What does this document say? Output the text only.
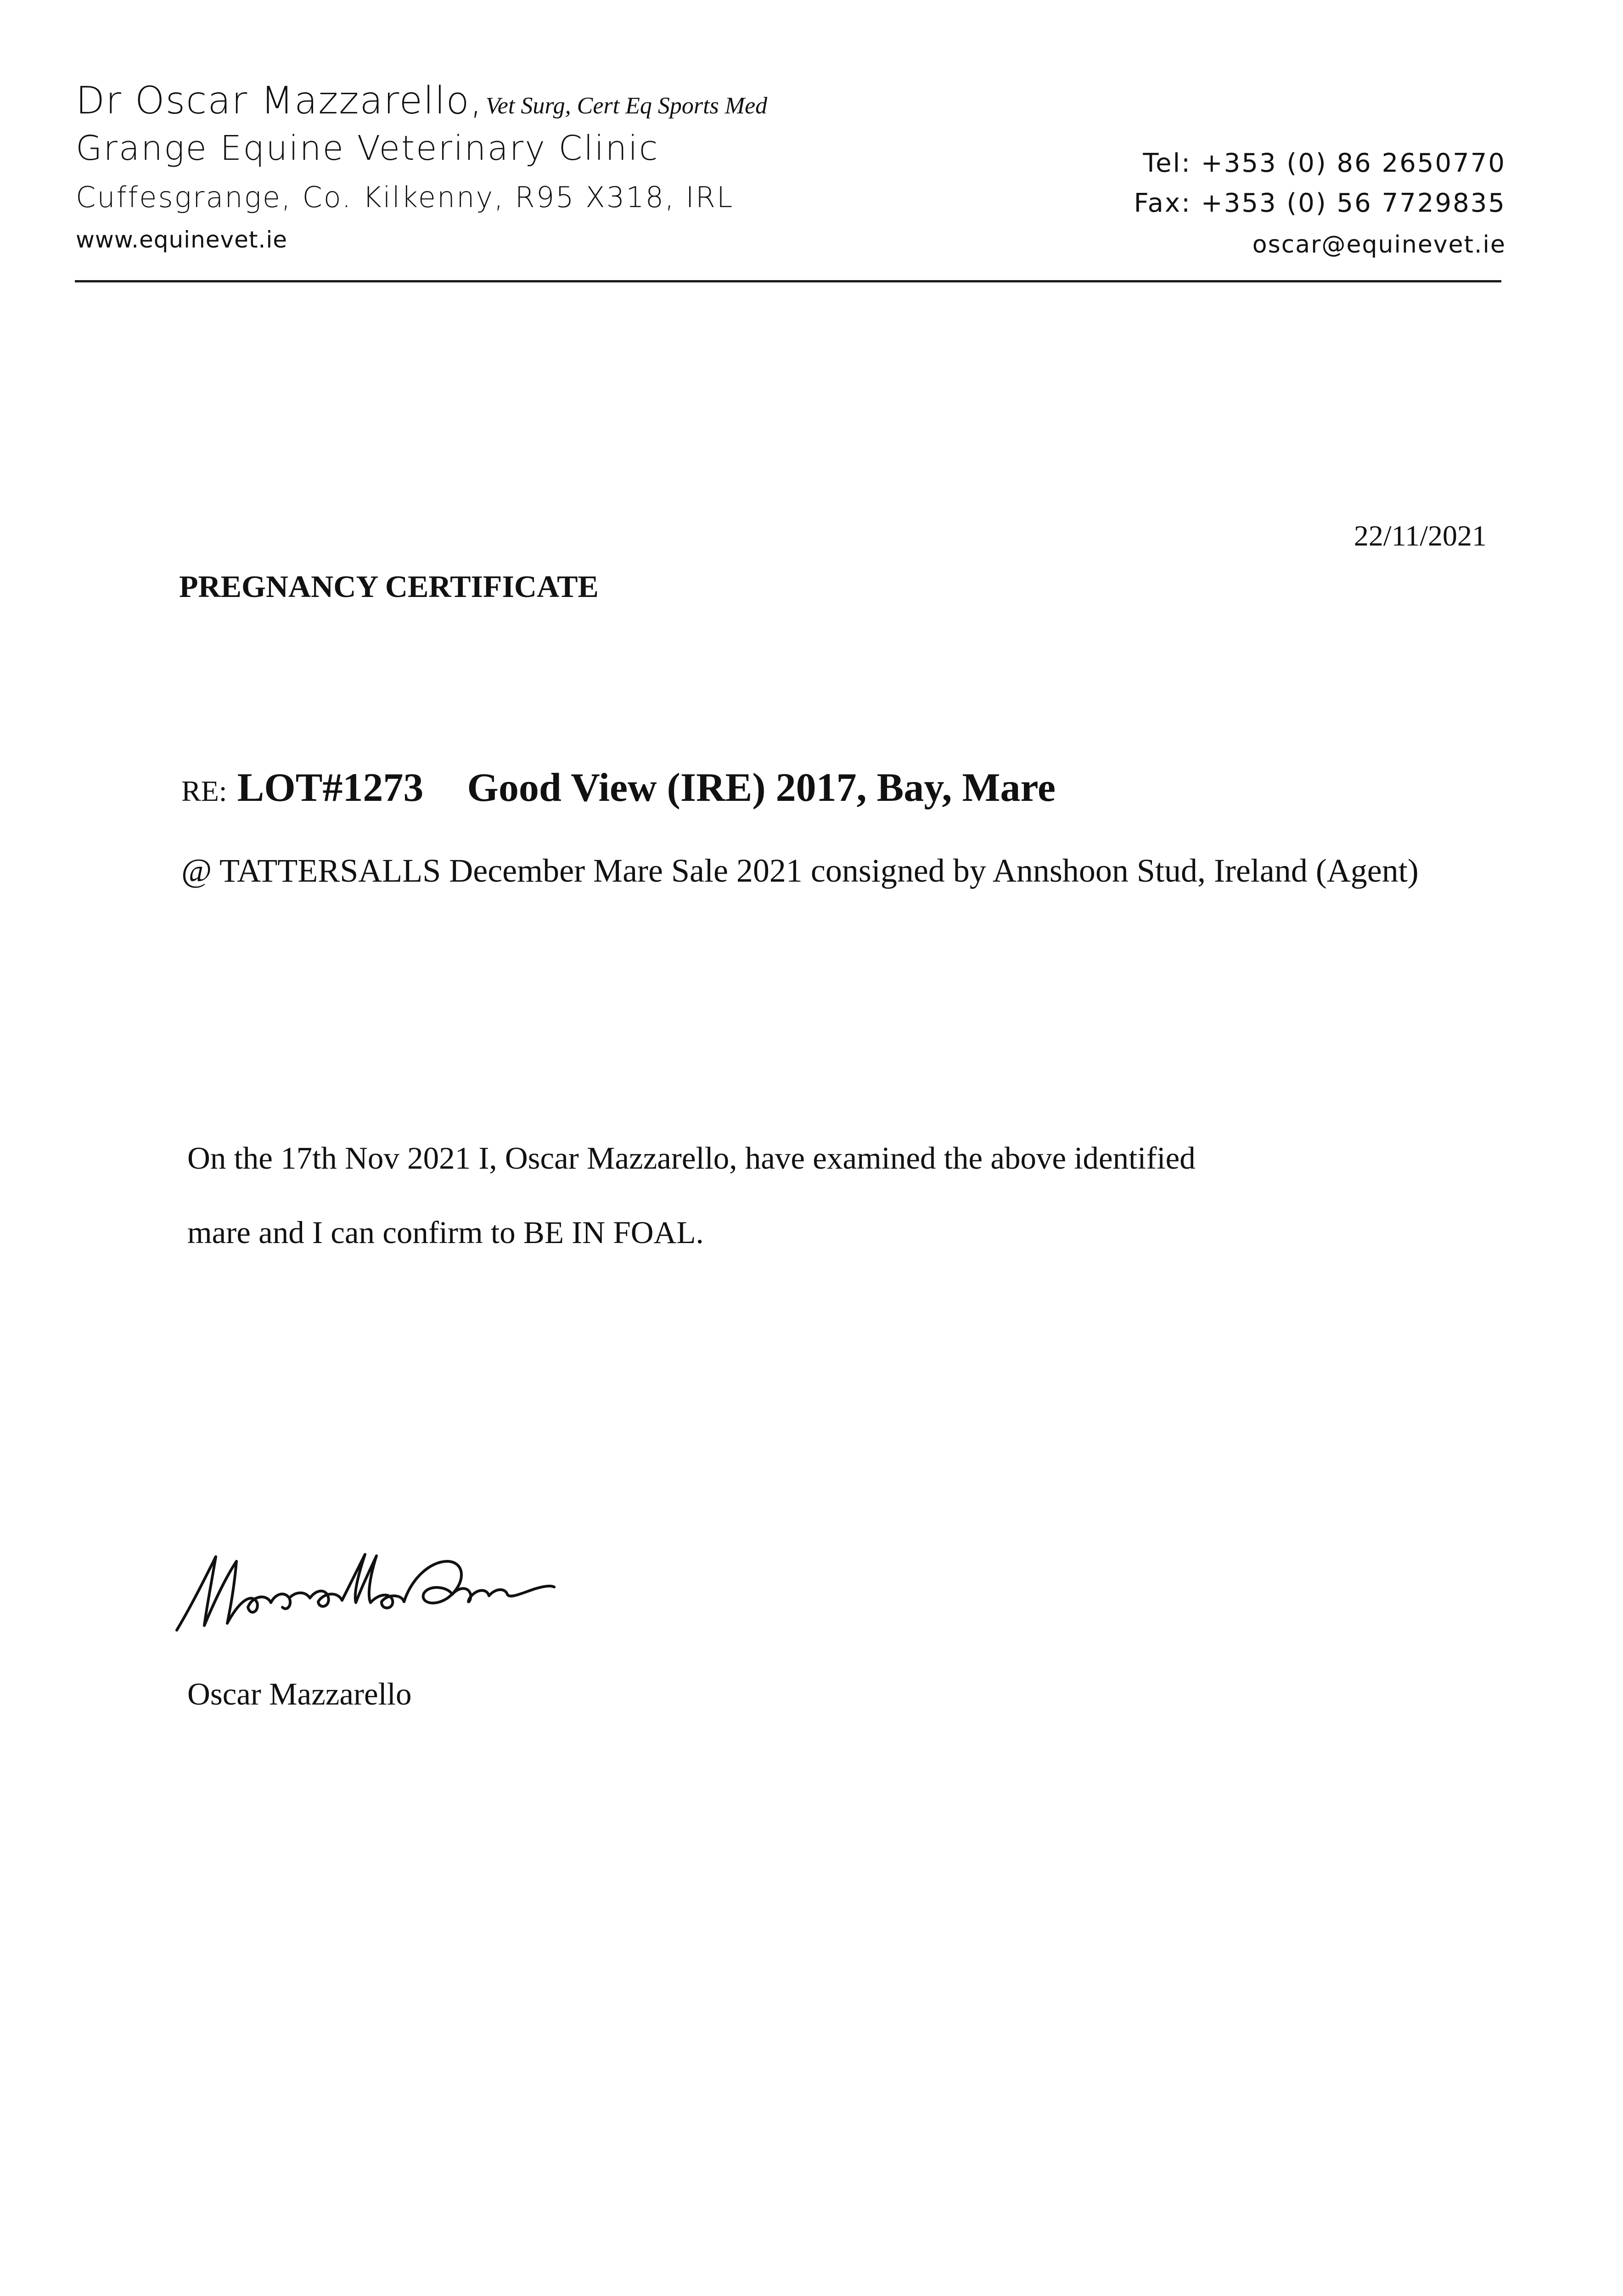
Dr Oscar Mazzarello, Vet Surg, Cert Eq Sports Med
Grange Equine Veterinary Clinic
Cuffesgrange, Co. Kilkenny, R95 X318, IRL
www.equinevet.ie
Tel: +353 (0) 86 2650770
Fax: +353 (0) 56 7729835
oscar@equinevet.ie
22/11/2021
PREGNANCY CERTIFICATE
RE: LOT#1273 Good View (IRE) 2017, Bay, Mare
@ TATTERSALLS December Mare Sale 2021 consigned by Annshoon Stud, Ireland (Agent)
On the 17th Nov 2021 I, Oscar Mazzarello, have examined the above identified
mare and I can confirm to BE IN FOAL.
Oscar Mazzarello
